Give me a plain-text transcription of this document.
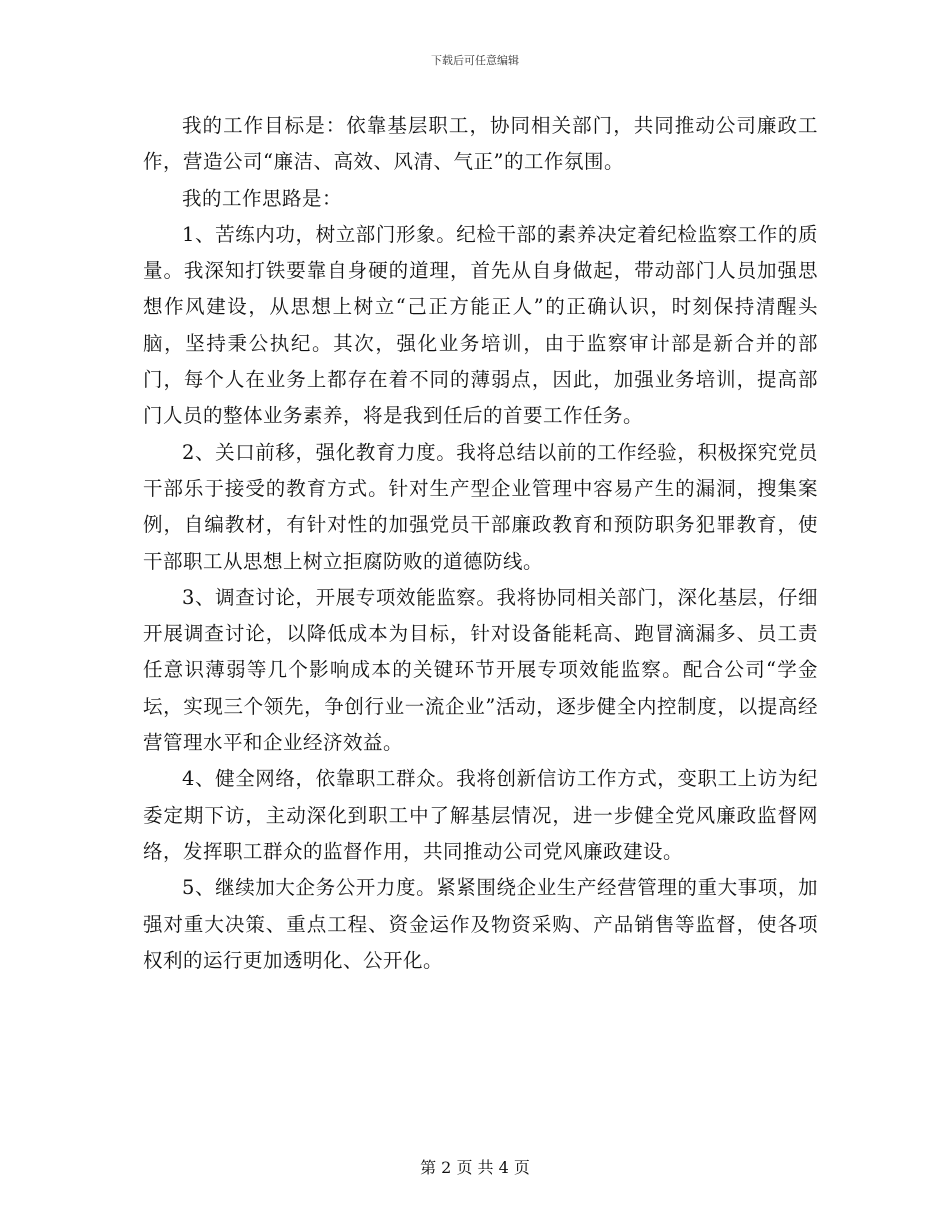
下载后可任意编辑

我的工作目标是：依靠基层职工，协同相关部门，共同推动公司廉政工作，营造公司“廉洁、高效、风清、气正”的工作氛围。

我的工作思路是：

1、苦练内功，树立部门形象。纪检干部的素养决定着纪检监察工作的质量。我深知打铁要靠自身硬的道理，首先从自身做起，带动部门人员加强思想作风建设，从思想上树立“己正方能正人”的正确认识，时刻保持清醒头脑，坚持秉公执纪。其次，强化业务培训，由于监察审计部是新合并的部门，每个人在业务上都存在着不同的薄弱点，因此，加强业务培训，提高部门人员的整体业务素养，将是我到任后的首要工作任务。

2、关口前移，强化教育力度。我将总结以前的工作经验，积极探究党员干部乐于接受的教育方式。针对生产型企业管理中容易产生的漏洞，搜集案例，自编教材，有针对性的加强党员干部廉政教育和预防职务犯罪教育，使干部职工从思想上树立拒腐防败的道德防线。

3、调查讨论，开展专项效能监察。我将协同相关部门，深化基层，仔细开展调查讨论，以降低成本为目标，针对设备能耗高、跑冒滴漏多、员工责任意识薄弱等几个影响成本的关键环节开展专项效能监察。配合公司“学金坛，实现三个领先，争创行业一流企业”活动，逐步健全内控制度，以提高经营管理水平和企业经济效益。

4、健全网络，依靠职工群众。我将创新信访工作方式，变职工上访为纪委定期下访，主动深化到职工中了解基层情况，进一步健全党风廉政监督网络，发挥职工群众的监督作用，共同推动公司党风廉政建设。

5、继续加大企务公开力度。紧紧围绕企业生产经营管理的重大事项，加强对重大决策、重点工程、资金运作及物资采购、产品销售等监督，使各项权利的运行更加透明化、公开化。

第 2 页 共 4 页
